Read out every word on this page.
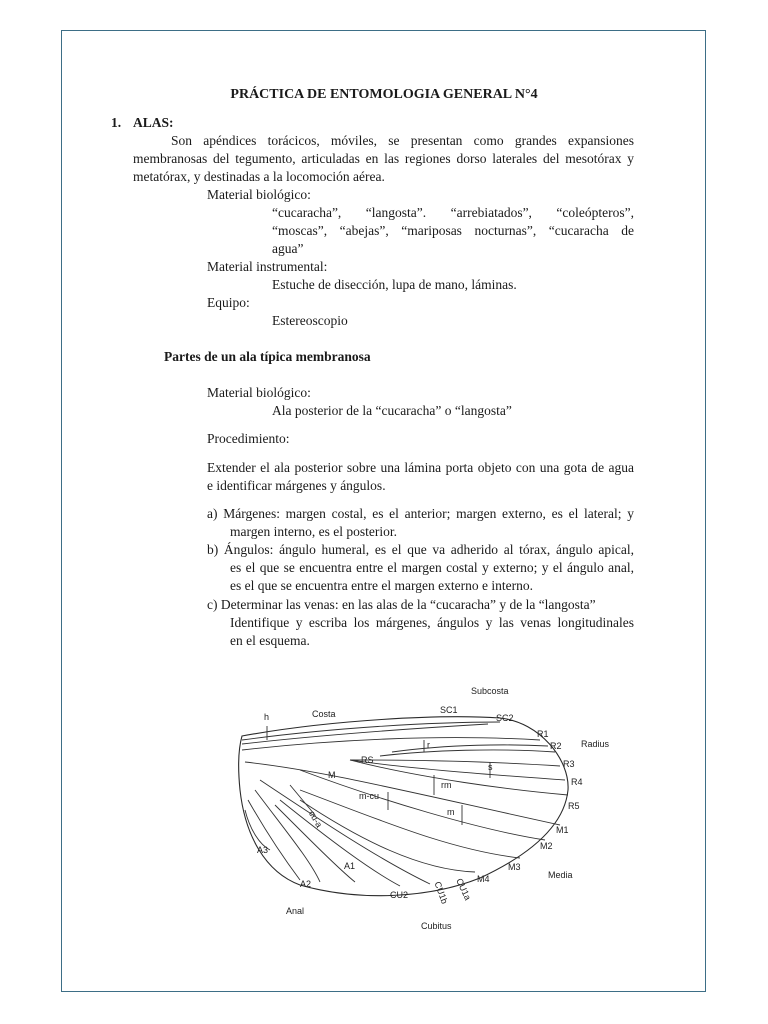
PRÁCTICA DE ENTOMOLOGIA GENERAL N°4
1. ALAS:
Son apéndices torácicos, móviles, se presentan como grandes expansiones
membranosas del tegumento, articuladas en las regiones dorso laterales del mesotórax y
metatórax, y destinadas a la locomoción aérea.
Material biológico:
“cucaracha”, “langosta”. “arrebiatados”, “coleópteros”,
“moscas”, “abejas”, “mariposas nocturnas”, “cucaracha de
agua”
Material instrumental:
Estuche de disección, lupa de mano, láminas.
Equipo:
Estereoscopio
Partes de un ala típica membranosa
Material biológico:
Ala posterior de la “cucaracha” o “langosta”
Procedimiento:
Extender el ala posterior sobre una lámina porta objeto con una gota de agua
e identificar márgenes y ángulos.
a) Márgenes: margen costal, es el anterior; margen externo, es el lateral; y
margen interno, es el posterior.
b) Ángulos: ángulo humeral, es el que va adherido al tórax, ángulo apical,
es el que se encuentra entre el margen costal y externo; y el ángulo anal,
es el que se encuentra entre el margen externo e interno.
c) Determinar las venas: en las alas de la “cucaracha” y de la “langosta”
Identifique y escriba los márgenes, ángulos y las venas longitudinales
en el esquema.
Subcosta
h	Costa	SC1
SC2
R1
R2 Radius
r
RS
s	R3
R4
R5
M
rm
m-cu
m
cu-a
M1
M2
A3
M3
Media
M4
A2	CU1a
A1
CU1b
CU2
Anal
Cubitus
